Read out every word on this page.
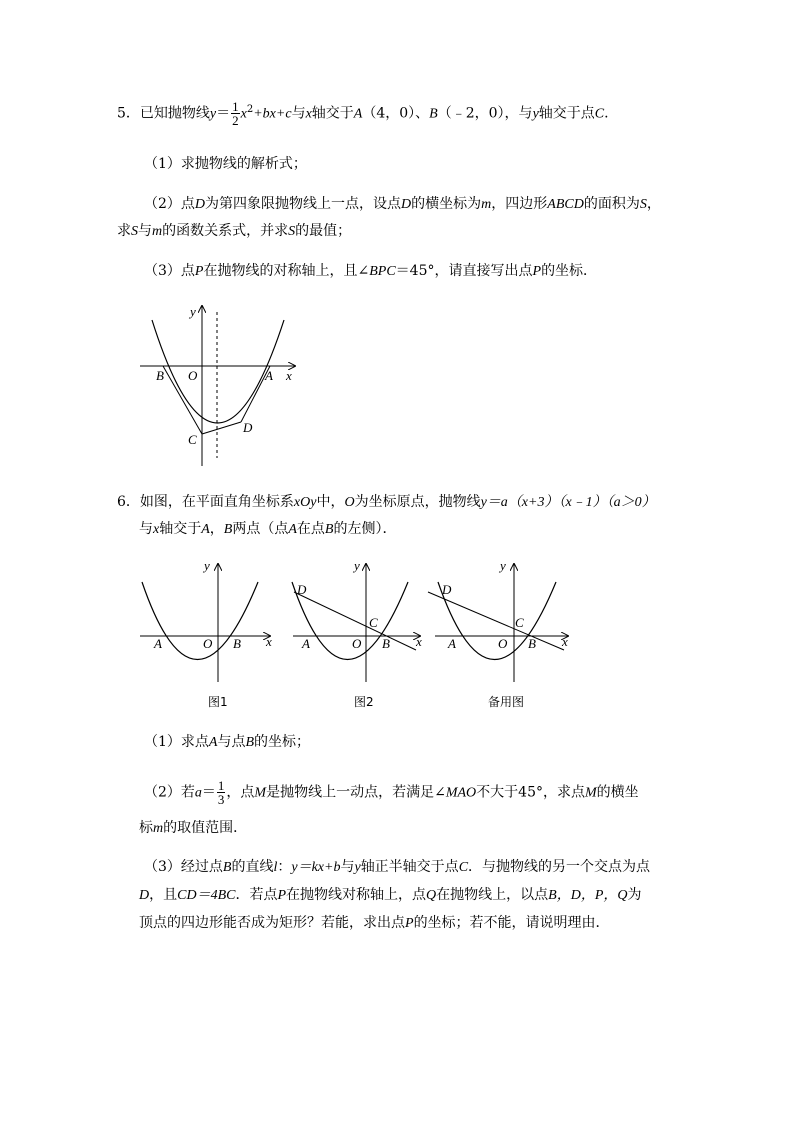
5．已知抛物线$y= \frac{1}{2} x^2+bx+c$与x轴交于A（4，0）、B（﹣2，0），与y轴交于点C.
（1）求抛物线的解析式；
（2）点D为第四象限抛物线上一点，设点D的横坐标为m，四边形ABCD的面积为S，
求S与m的函数关系式，并求S的最值；
（3）点P在抛物线的对称轴上，且∠BPC＝45°，请直接写出点P的坐标．
y
x
B O	A
C
D
6．如图，在平面直角坐标系xOy中，O为坐标原点，抛物线y＝a（x+3）（x﹣1）（a＞0）
与x轴交于A，B两点（点A在点B的左侧）．
y
x
A	O B
图1
y
x
D
C
A	O B
图2
y
x
D
C
A	O B
备用图
（1）求点A与点B的坐标；
（2）若$a= \frac{1}{3}$ ，点M是抛物线上一动点，若满足∠MAO不大于45°，求点M的横坐
标m的取值范围．
（3）经过点B的直线l：y＝kx+b与y轴正半轴交于点C．与抛物线的另一个交点为点
D，且CD＝4BC．若点P在抛物线对称轴上，点Q在抛物线上，以点B，D，P，Q为
顶点的四边形能否成为矩形？若能，求出点P的坐标；若不能，请说明理由．
